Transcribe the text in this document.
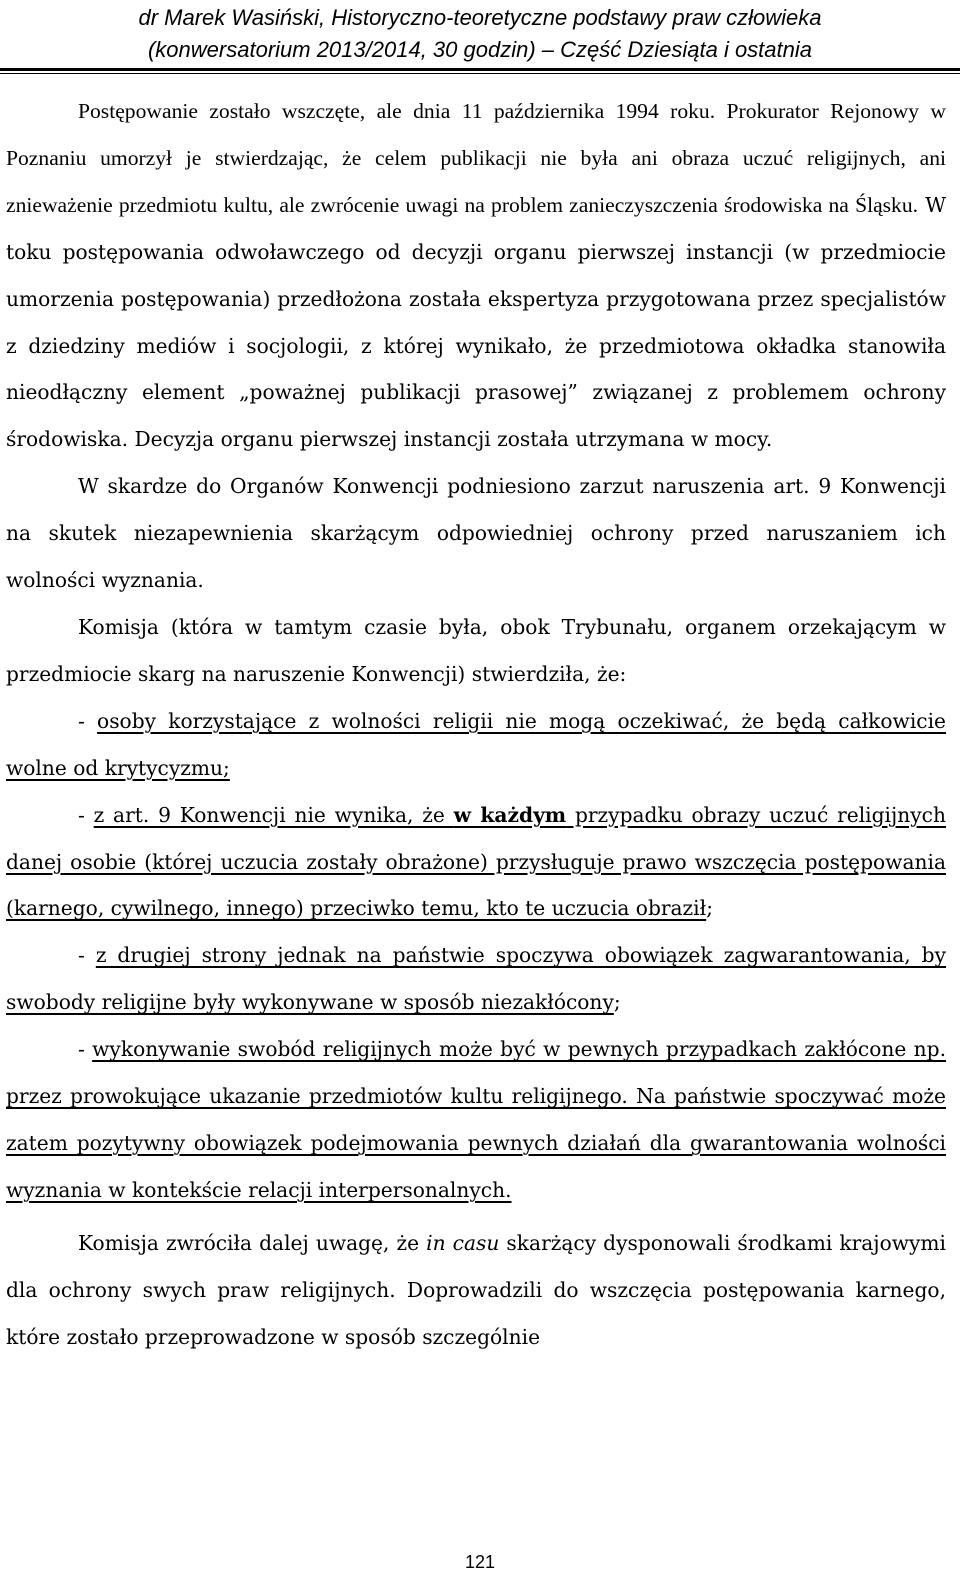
dr Marek Wasiński, Historyczno-teoretyczne podstawy praw człowieka
(konwersatorium 2013/2014, 30 godzin) – Część Dziesiąta i ostatnia

Postępowanie zostało wszczęte, ale dnia 11 października 1994 roku. Prokurator Rejonowy w Poznaniu umorzył je stwierdzając, że celem publikacji nie była ani obraza uczuć religijnych, ani znieważenie przedmiotu kultu, ale zwrócenie uwagi na problem zanieczyszczenia środowiska na Śląsku. W toku postępowania odwoławczego od decyzji organu pierwszej instancji (w przedmiocie umorzenia postępowania) przedłożona została ekspertyza przygotowana przez specjalistów z dziedziny mediów i socjologii, z której wynikało, że przedmiotowa okładka stanowiła nieodłączny element „poważnej publikacji prasowej” związanej z problemem ochrony środowiska. Decyzja organu pierwszej instancji została utrzymana w mocy.

W skardze do Organów Konwencji podniesiono zarzut naruszenia art. 9 Konwencji na skutek niezapewnienia skarżącym odpowiedniej ochrony przed naruszaniem ich wolności wyznania.

Komisja (która w tamtym czasie była, obok Trybunału, organem orzekającym w przedmiocie skarg na naruszenie Konwencji) stwierdziła, że:

- osoby korzystające z wolności religii nie mogą oczekiwać, że będą całkowicie wolne od krytycyzmu;

- z art. 9 Konwencji nie wynika, że w każdym przypadku obrazy uczuć religijnych danej osobie (której uczucia zostały obrażone) przysługuje prawo wszczęcia postępowania (karnego, cywilnego, innego) przeciwko temu, kto te uczucia obraził;

- z drugiej strony jednak na państwie spoczywa obowiązek zagwarantowania, by swobody religijne były wykonywane w sposób niezakłócony;

- wykonywanie swobód religijnych może być w pewnych przypadkach zakłócone np. przez prowokujące ukazanie przedmiotów kultu religijnego. Na państwie spoczywać może zatem pozytywny obowiązek podejmowania pewnych działań dla gwarantowania wolności wyznania w kontekście relacji interpersonalnych.

Komisja zwróciła dalej uwagę, że in casu skarżący dysponowali środkami krajowymi dla ochrony swych praw religijnych. Doprowadzili do wszczęcia postępowania karnego, które zostało przeprowadzone w sposób szczególnie

121
